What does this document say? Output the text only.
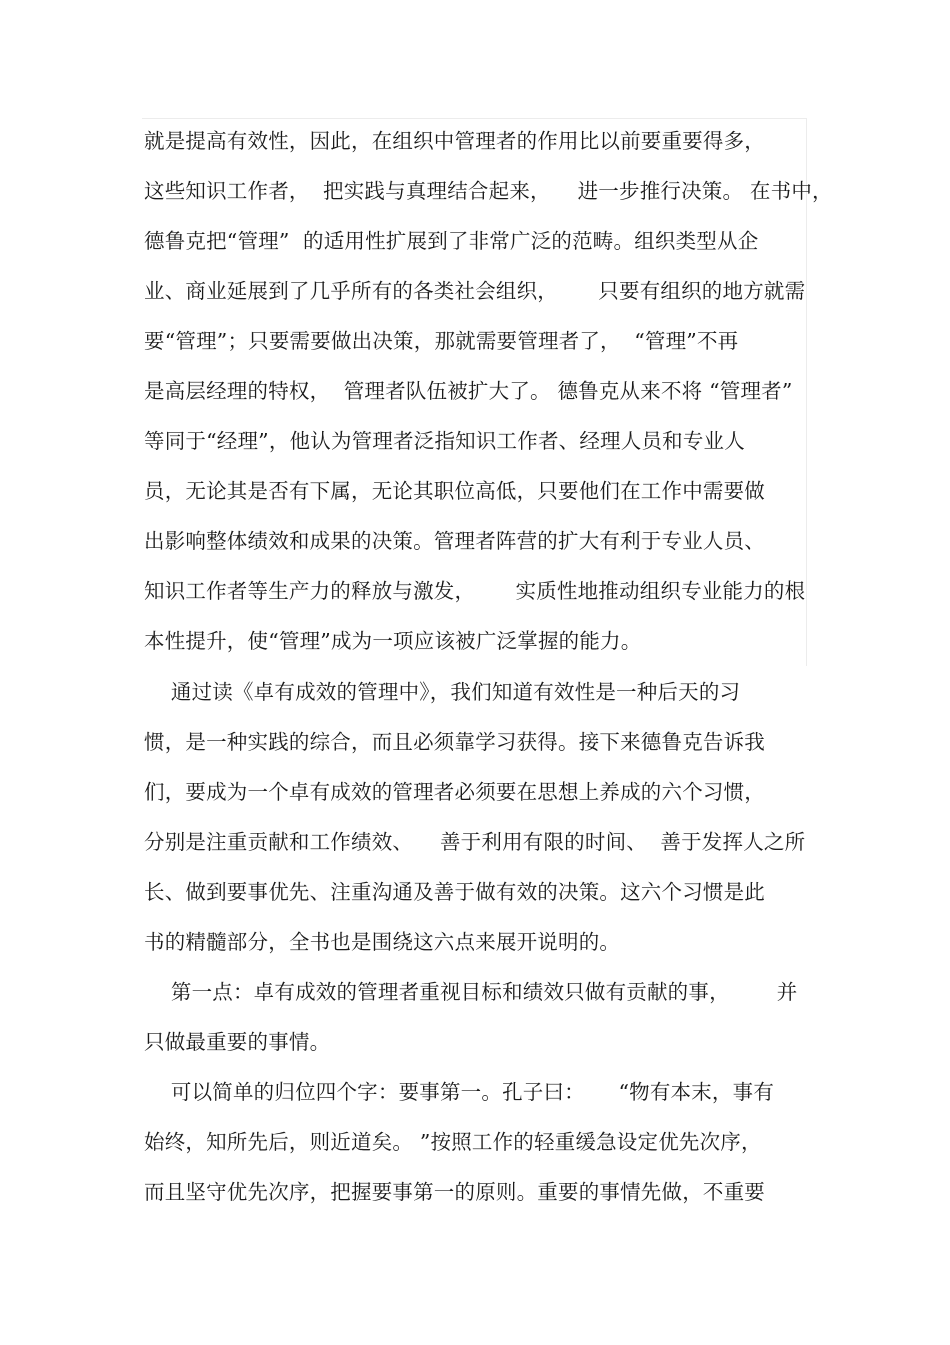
就是提高有效性，因此，在组织中管理者的作用比以前要重要得多，
这些知识工作者，  把实践与真理结合起来，    进一步推行决策。 在书中，
德鲁克把“管理”  的适用性扩展到了非常广泛的范畴。组织类型从企
业、商业延展到了几乎所有的各类社会组织，      只要有组织的地方就需
要“管理”；只要需要做出决策，那就需要管理者了，  “管理”不再
是高层经理的特权，  管理者队伍被扩大了。 德鲁克从来不将 “管理者”
等同于“经理”，他认为管理者泛指知识工作者、经理人员和专业人
员，无论其是否有下属，无论其职位高低，只要他们在工作中需要做
出影响整体绩效和成果的决策。管理者阵营的扩大有利于专业人员、
知识工作者等生产力的释放与激发，      实质性地推动组织专业能力的根
本性提升，使“管理”成为一项应该被广泛掌握的能力。
通过读《卓有成效的管理中》，我们知道有效性是一种后天的习
惯，是一种实践的综合，而且必须靠学习获得。接下来德鲁克告诉我
们，要成为一个卓有成效的管理者必须要在思想上养成的六个习惯，
分别是注重贡献和工作绩效、    善于利用有限的时间、  善于发挥人之所
长、做到要事优先、注重沟通及善于做有效的决策。这六个习惯是此
书的精髓部分，全书也是围绕这六点来展开说明的。
第一点：卓有成效的管理者重视目标和绩效只做有贡献的事，       并
只做最重要的事情。
可以简单的归位四个字：要事第一。孔子曰：     “物有本末，事有
始终，知所先后，则近道矣。 ”按照工作的轻重缓急设定优先次序，
而且坚守优先次序，把握要事第一的原则。重要的事情先做，不重要
